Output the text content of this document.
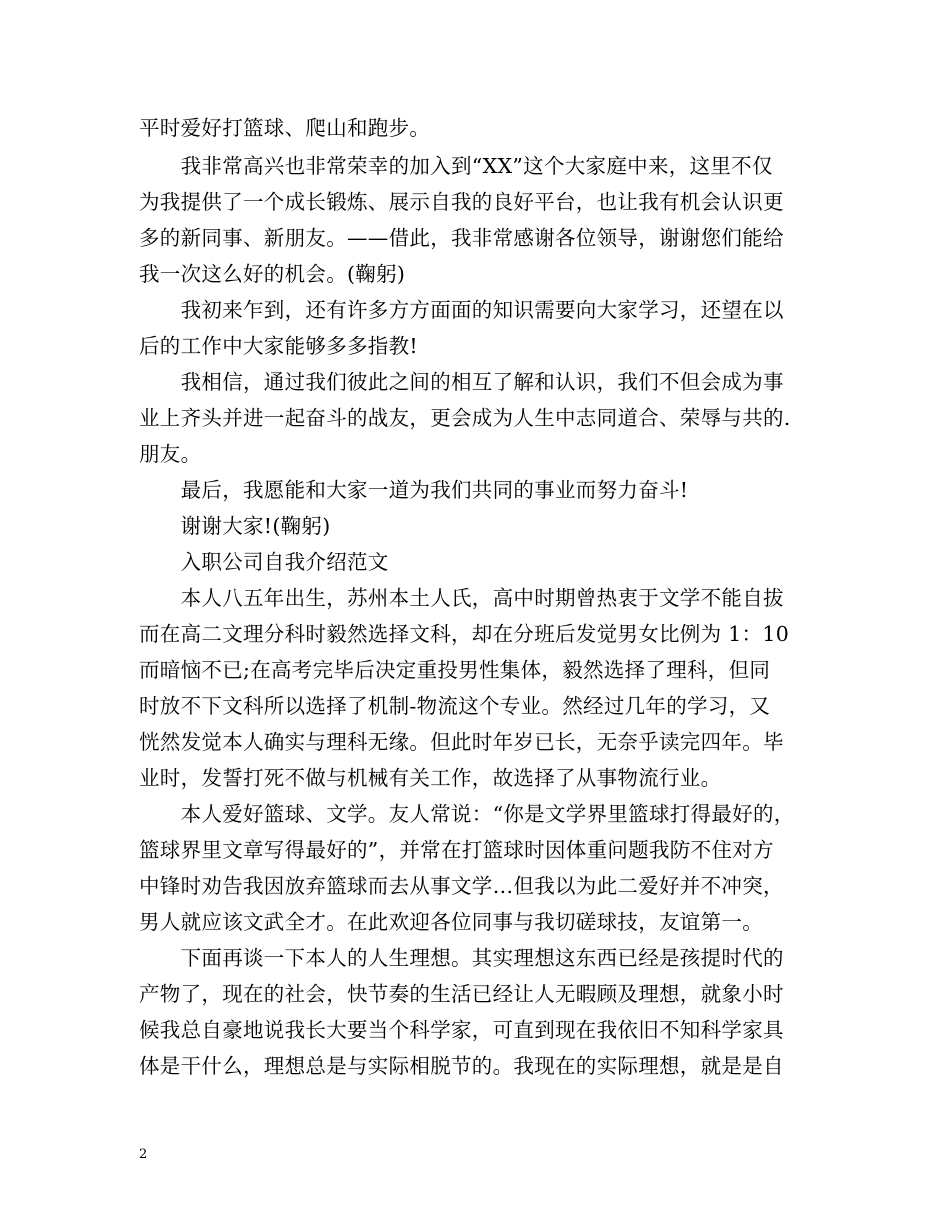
平时爱好打篮球、爬山和跑步。
　　我非常高兴也非常荣幸的加入到“XX”这个大家庭中来，这里不仅
为我提供了一个成长锻炼、展示自我的良好平台，也让我有机会认识更
多的新同事、新朋友。——借此，我非常感谢各位领导，谢谢您们能给
我一次这么好的机会。(鞠躬)
　　我初来乍到，还有许多方方面面的知识需要向大家学习，还望在以
后的工作中大家能够多多指教!
　　我相信，通过我们彼此之间的相互了解和认识，我们不但会成为事
业上齐头并进一起奋斗的战友，更会成为人生中志同道合、荣辱与共的.
朋友。
　　最后，我愿能和大家一道为我们共同的事业而努力奋斗!
　　谢谢大家!(鞠躬)
　　入职公司自我介绍范文
　　本人八五年出生，苏州本土人氏，高中时期曾热衷于文学不能自拔
而在高二文理分科时毅然选择文科，却在分班后发觉男女比例为 1：10
而暗恼不已;在高考完毕后决定重投男性集体，毅然选择了理科，但同
时放不下文科所以选择了机制-物流这个专业。然经过几年的学习，又
恍然发觉本人确实与理科无缘。但此时年岁已长，无奈乎读完四年。毕
业时，发誓打死不做与机械有关工作，故选择了从事物流行业。
　　本人爱好篮球、文学。友人常说：“你是文学界里篮球打得最好的，
篮球界里文章写得最好的”，并常在打篮球时因体重问题我防不住对方
中锋时劝告我因放弃篮球而去从事文学…但我以为此二爱好并不冲突，
男人就应该文武全才。在此欢迎各位同事与我切磋球技，友谊第一。
　　下面再谈一下本人的人生理想。其实理想这东西已经是孩提时代的
产物了，现在的社会，快节奏的生活已经让人无暇顾及理想，就象小时
候我总自豪地说我长大要当个科学家，可直到现在我依旧不知科学家具
体是干什么，理想总是与实际相脱节的。我现在的实际理想，就是是自
2
